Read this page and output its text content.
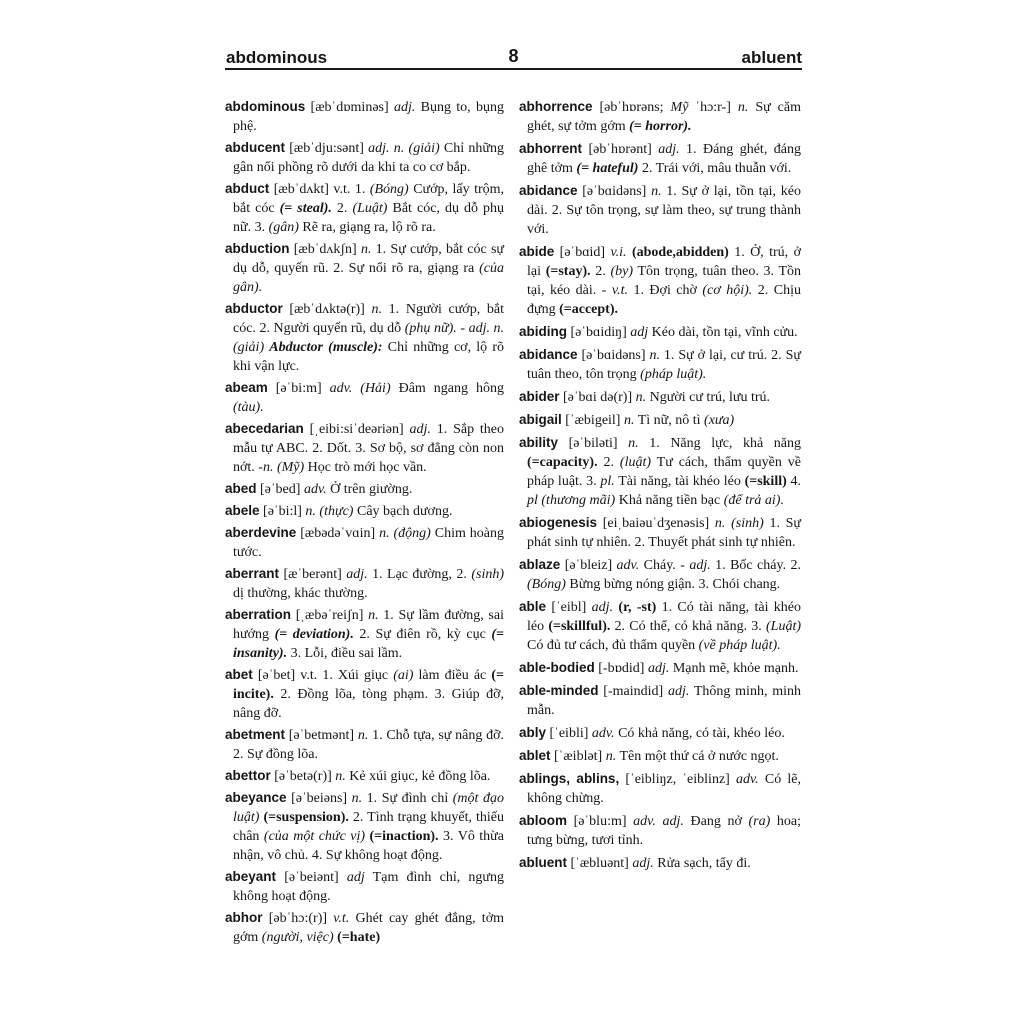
abdominous	8	abluent
abdominous [æbˈdɒminəs] adj. Bụng to, bụng phệ.
abducent [æbˈdju:sənt] adj. n. (giải) Chỉ những gân nổi phồng rõ dưới da khi ta co cơ bắp.
abduct [æbˈdʌkt] v.t. 1. (Bóng) Cướp, lấy trộm, bắt cóc (= steal). 2. (Luật) Bắt cóc, dụ dỗ phụ nữ. 3. (gân) Rẽ ra, giạng ra, lộ rõ ra.
abduction [æbˈdʌkʃn] n. 1. Sự cướp, bắt cóc sự dụ dỗ, quyến rũ. 2. Sự nổi rõ ra, giạng ra (của gân).
abductor [æbˈdʌktə(r)] n. 1. Người cướp, bắt cóc. 2. Người quyến rũ, dụ dỗ (phụ nữ). - adj. n. (giải) Abductor (muscle): Chỉ những cơ, lộ rõ khi vận lực.
abeam [əˈbi:m] adv. (Hải) Đâm ngang hông (tàu).
abecedarian [ˌeibi:siˈdeəriən] adj. 1. Sắp theo mẫu tự ABC. 2. Dốt. 3. Sơ bộ, sơ đẳng còn non nớt. -n. (Mỹ) Học trò mới học vần.
abed [əˈbed] adv. Ở trên giường.
abele [əˈbi:l] n. (thực) Cây bạch dương.
aberdevine [æbədəˈvɑin] n. (động) Chim hoàng tước.
aberrant [æˈberənt] adj. 1. Lạc đường, 2. (sinh) dị thường, khác thường.
aberration [ˌæbəˈreiʃn] n. 1. Sự lầm đường, sai hướng (= deviation). 2. Sự điên rồ, kỳ cục (= insanity). 3. Lỗi, điều sai lầm.
abet [əˈbet] v.t. 1. Xúi giục (ai) làm điều ác (= incite). 2. Đồng lõa, tòng phạm. 3. Giúp đỡ, nâng đỡ.
abetment [əˈbetmənt] n. 1. Chỗ tựa, sự nâng đỡ. 2. Sự đồng lõa.
abettor [əˈbetə(r)] n. Kẻ xúi giục, kẻ đồng lõa.
abeyance [əˈbeiəns] n. 1. Sự đình chỉ (một đạo luật) (=suspension). 2. Tình trạng khuyết, thiếu chân (của một chức vị) (=inaction). 3. Vô thừa nhận, vô chủ. 4. Sự không hoạt động.
abeyant [əˈbeiənt] adj Tạm đình chỉ, ngưng không hoạt động.
abhor [əbˈhɔ:(r)] v.t. Ghét cay ghét đắng, tởm gớm (người, việc) (=hate)
abhorrence [əbˈhɒrəns; Mỹ ˈhɔ:r-] n. Sự căm ghét, sự tởm gớm (= horror).
abhorrent [əbˈhɒrənt] adj. 1. Đáng ghét, đáng ghê tởm (= hateful) 2. Trái với, mâu thuẫn với.
abidance [əˈbɑidəns] n. 1. Sự ở lại, tồn tại, kéo dài. 2. Sự tôn trọng, sự làm theo, sự trung thành với.
abide [əˈbɑid] v.i. (abode,abidden) 1. Ở, trú, ở lại (=stay). 2. (by) Tôn trọng, tuân theo. 3. Tồn tại, kéo dài. - v.t. 1. Đợi chờ (cơ hội). 2. Chịu đựng (=accept).
abiding [əˈbɑidiŋ] adj Kéo dài, tồn tại, vĩnh cửu.
abidance [əˈbɑidəns] n. 1. Sự ở lại, cư trú. 2. Sự tuân theo, tôn trọng (pháp luật).
abider [əˈbɑi də(r)] n. Người cư trú, lưu trú.
abigail [ˈæbigeil] n. Tì nữ, nô tì (xưa)
ability [əˈbiləti] n. 1. Năng lực, khả năng (=capacity). 2. (luật) Tư cách, thẩm quyền về pháp luật. 3. pl. Tài năng, tài khéo léo (=skill) 4. pl (thương mãi) Khả năng tiền bạc (để trả ai).
abiogenesis [eiˌbaiəuˈdʒenəsis] n. (sinh) 1. Sự phát sinh tự nhiên. 2. Thuyết phát sinh tự nhiên.
ablaze [əˈbleiz] adv. Cháy. - adj. 1. Bốc cháy. 2. (Bóng) Bừng bừng nóng giận. 3. Chói chang.
able [ˈeibl] adj. (r, -st) 1. Có tài năng, tài khéo léo (=skillful). 2. Có thể, có khả năng. 3. (Luật) Có đủ tư cách, đủ thẩm quyền (về pháp luật).
able-bodied [-bɒdid] adj. Mạnh mẽ, khỏe mạnh.
able-minded [-maindid] adj. Thông minh, minh mẫn.
ably [ˈeibli] adv. Có khả năng, có tài, khéo léo.
ablet [ˈæiblət] n. Tên một thứ cá ở nước ngọt.
ablings, ablins, [ˈeibliŋz, ˈeiblinz] adv. Có lẽ, không chừng.
abloom [əˈblu:m] adv. adj. Đang nở (ra) hoa; tưng bừng, tươi tỉnh.
abluent [ˈæbluənt] adj. Rửa sạch, tẩy đi.
